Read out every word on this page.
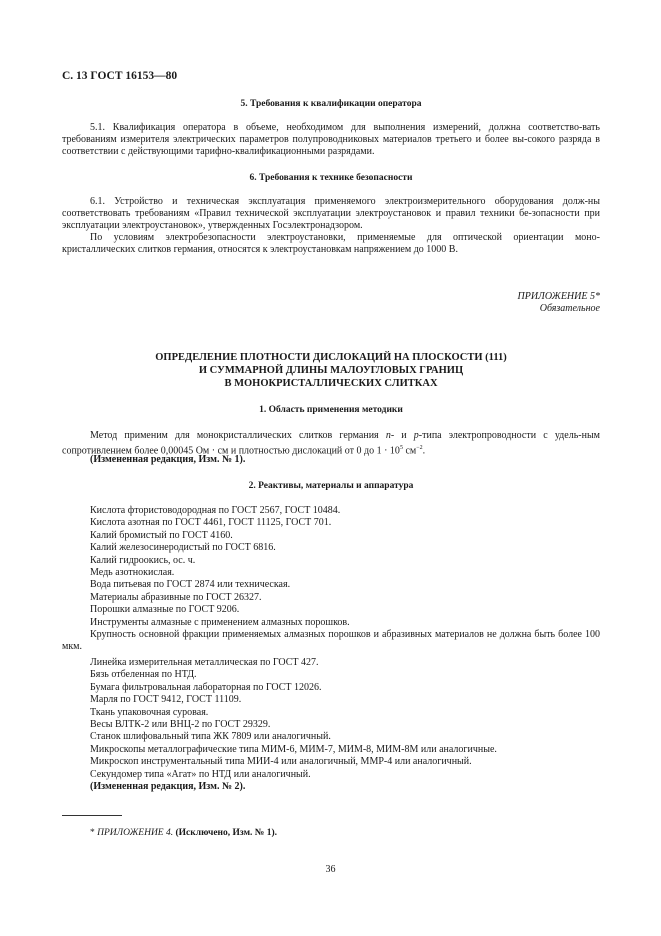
С. 13 ГОСТ 16153—80
5. Требования к квалификации оператора
5.1. Квалификация оператора в объеме, необходимом для выполнения измерений, должна соответство-вать требованиям измерителя электрических параметров полупроводниковых материалов третьего и более вы-сокого разряда в соответствии с действующими тарифно-квалификационными разрядами.
6. Требования к технике безопасности
6.1. Устройство и техническая эксплуатация применяемого электроизмерительного оборудования долж-ны соответствовать требованиям «Правил технической эксплуатации электроустановок и правил техники бе-зопасности при эксплуатации электроустановок», утвержденных Госэлектронадзором.
По условиям электробезопасности электроустановки, применяемые для оптической ориентации моно-кристаллических слитков германия, относятся к электроустановкам напряжением до 1000 В.
ПРИЛОЖЕНИЕ 5*
Обязательное
ОПРЕДЕЛЕНИЕ ПЛОТНОСТИ ДИСЛОКАЦИЙ НА ПЛОСКОСТИ (111)
И СУММАРНОЙ ДЛИНЫ МАЛОУГЛОВЫХ ГРАНИЦ
В МОНОКРИСТАЛЛИЧЕСКИХ СЛИТКАХ
1. Область применения методики
Метод применим для монокристаллических слитков германия n- и p-типа электропроводности с удель-ным сопротивлением более 0,00045 Ом · см и плотностью дислокаций от 0 до $1 \cdot 10^5$ $см^{-2}$.
(Измененная редакция, Изм. № 1).
2. Реактивы, материалы и аппаратура
Кислота фтористоводородная по ГОСТ 2567, ГОСТ 10484.
Кислота азотная по ГОСТ 4461, ГОСТ 11125, ГОСТ 701.
Калий бромистый по ГОСТ 4160.
Калий железосинеродистый по ГОСТ 6816.
Калий гидроокись, ос. ч.
Медь азотнокислая.
Вода питьевая по ГОСТ 2874 или техническая.
Материалы абразивные по ГОСТ 26327.
Порошки алмазные по ГОСТ 9206.
Инструменты алмазные с применением алмазных порошков.
Крупность основной фракции применяемых алмазных порошков и абразивных материалов не должна быть более 100 мкм.
Линейка измерительная металлическая по ГОСТ 427.
Бязь отбеленная по НТД.
Бумага фильтровальная лабораторная по ГОСТ 12026.
Марля по ГОСТ 9412, ГОСТ 11109.
Ткань упаковочная суровая.
Весы ВЛТК-2 или ВНЦ-2 по ГОСТ 29329.
Станок шлифовальный типа ЖК 7809 или аналогичный.
Микроскопы металлографические типа МИМ-6, МИМ-7, МИМ-8, МИМ-8М или аналогичные.
Микроскоп инструментальный типа МИИ-4 или аналогичный, ММР-4 или аналогичный.
Секундомер типа «Агат» по НТД или аналогичный.
(Измененная редакция, Изм. № 2).
* ПРИЛОЖЕНИЕ 4. (Исключено, Изм. № 1).
36
